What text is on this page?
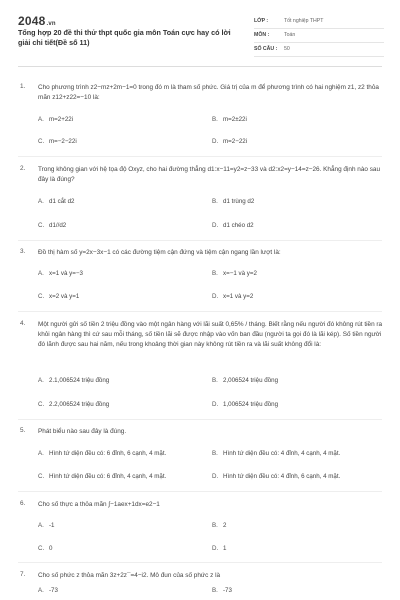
2048.vn
Tổng hợp 20 đề thi thử thpt quốc gia môn Toán cực hay có lời giải chi tiết(Đề số 11)
LỚP :	Tốt nghiệp THPT
MÔN :	Toán
SỐ CÂU : 50
1. Cho phương trình z2−mz+2m−1=0 trong đó m là tham số phức. Giá trị của m để phương trình có hai nghiệm z1, z2 thỏa mãn z12+z22=−10 là:
A. m=2+22i	B. m=2±22i
C. m=−2−22i	D. m=2−22i
2. Trong không gian với hệ tọa độ Oxyz, cho hai đường thẳng d1:x−11=y2=z−33 và d2:x2=y−14=z−26. Khẳng định nào sau đây là đúng?
A. d1 cắt d2	B. d1 trùng d2
C. d1//d2	D. d1 chéo d2
3. Đồ thị hàm số y=2x−3x−1 có các đường tiệm cận đứng và tiệm cận ngang lần lượt là:
A. x=1 và y=−3	B. x=−1 và y=2
C. x=2 và y=1	D. x=1 và y=2
4. Một người gửi số tiền 2 triệu đồng vào một ngân hàng với lãi suất 0,65% / tháng. Biết rằng nếu người đó không rút tiền ra khỏi ngân hàng thì cứ sau mỗi tháng, số tiền lãi sẽ được nhập vào vốn ban đầu (người ta gọi đó là lãi kép). Số tiền người đó lãnh được sau hai năm, nếu trong khoảng thời gian này không rút tiền ra và lãi suất không đổi là:
A. 2.1,006524 triệu đồng	B. 2,006524 triệu đồng
C. 2.2,006524 triệu đồng	D. 1,006524 triệu đồng
5. Phát biểu nào sau đây là đúng.
A. Hình tứ diện đều có: 6 đỉnh, 6 cạnh, 4 mặt.	B. Hình tứ diện đều có: 4 đỉnh, 4 cạnh, 4 mặt.
C. Hình tứ diện đều có: 6 đỉnh, 4 cạnh, 4 mặt.	D. Hình tứ diện đều có: 4 đỉnh, 6 cạnh, 4 mặt.
6. Cho số thực a thỏa mãn ∫−1aex+1dx=e2−1
A. -1	B. 2
C. 0	D. 1
7. Cho số phức z thỏa mãn 3z+2z¯=4−i2. Mô đun của số phức z là
A. -73	B. -73
